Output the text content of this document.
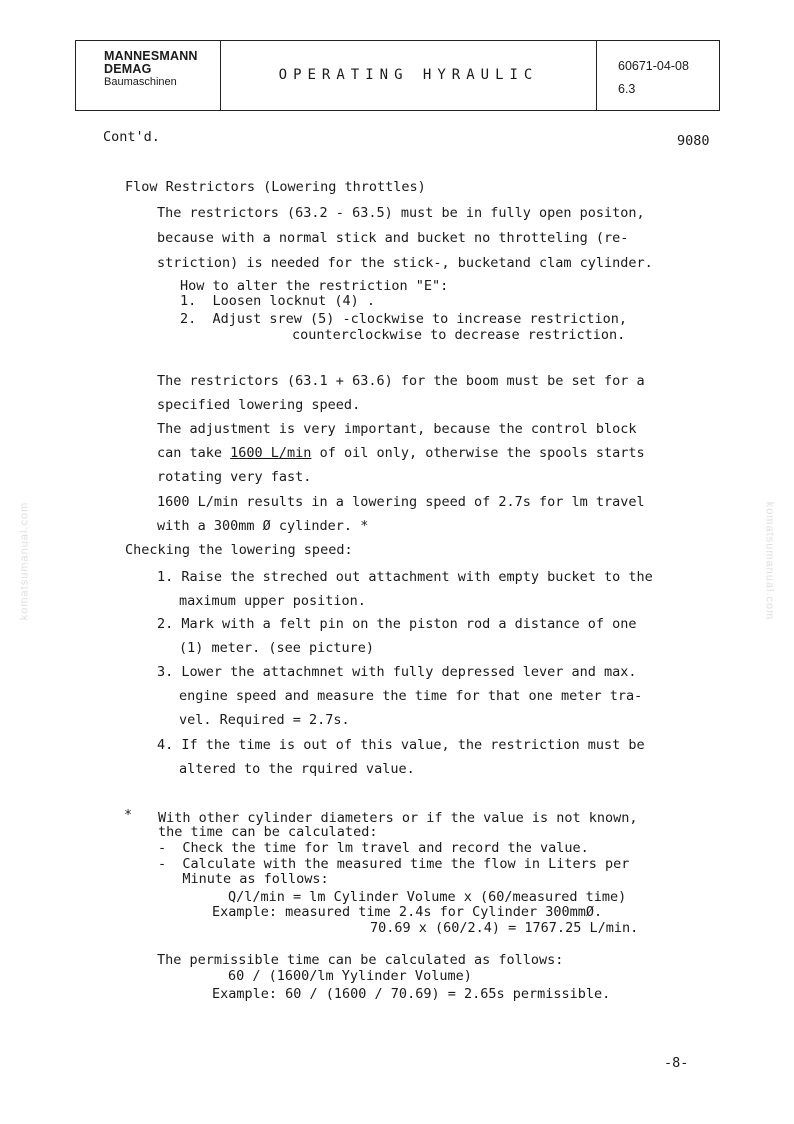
MANNESMANN
DEMAG
Baumaschinen	OPERATING HYRAULIC
60671-04-08
6.3
komatsumanual.com	komatsumanual.com
Cont'd.	9080
Flow Restrictors (Lowering throttles)
The restrictors (63.2 - 63.5) must be in fully open positon,
because with a normal stick and bucket no throtteling (re-
striction) is needed for the stick-, bucketand clam cylinder.
How to alter the restriction "E":
1.  Loosen locknut (4) .
2.  Adjust srew (5) -clockwise to increase restriction,
counterclockwise to decrease restriction.
The restrictors (63.1 + 63.6) for the boom must be set for a
specified lowering speed.
The adjustment is very important, because the control block
can take 1600 L/min of oil only, otherwise the spools starts
rotating very fast.
1600 L/min results in a lowering speed of 2.7s for lm travel
with a 300mm Ø cylinder. *
Checking the lowering speed:
1. Raise the streched out attachment with empty bucket to the
maximum upper position.
2. Mark with a felt pin on the piston rod a distance of one
(1) meter. (see picture)
3. Lower the attachmnet with fully depressed lever and max.
engine speed and measure the time for that one meter tra-
vel. Required = 2.7s.
4. If the time is out of this value, the restriction must be
altered to the rquired value.
* With other cylinder diameters or if the value is not known,
the time can be calculated:
-  Check the time for lm travel and record the value.
-  Calculate with the measured time the flow in Liters per
Minute as follows:
Q/l/min = lm Cylinder Volume x (60/measured time)
Example: measured time 2.4s for Cylinder 300mmØ.
70.69 x (60/2.4) = 1767.25 L/min.
The permissible time can be calculated as follows:
60 / (1600/lm Yylinder Volume)
Example: 60 / (1600 / 70.69) = 2.65s permissible.
-8-
